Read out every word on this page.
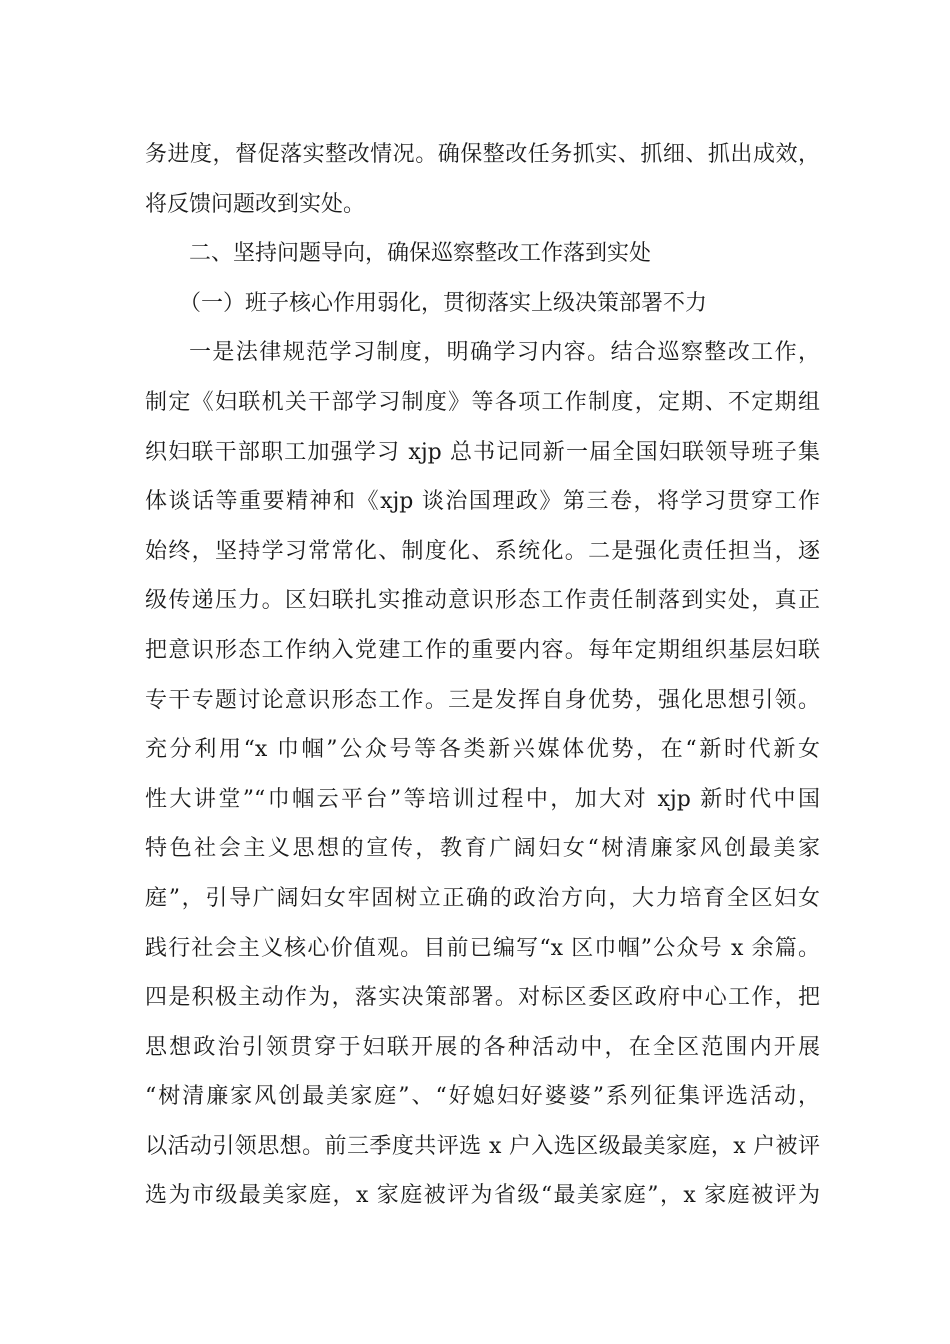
务进度，督促落实整改情况。确保整改任务抓实、抓细、抓出成效，
将反馈问题改到实处。
二、坚持问题导向，确保巡察整改工作落到实处
（一）班子核心作用弱化，贯彻落实上级决策部署不力
一是法律规范学习制度，明确学习内容。结合巡察整改工作，
制定《妇联机关干部学习制度》等各项工作制度，定期、不定期组
织妇联干部职工加强学习 xjp 总书记同新一届全国妇联领导班子集
体谈话等重要精神和《xjp 谈治国理政》第三卷，将学习贯穿工作
始终，坚持学习常常化、制度化、系统化。二是强化责任担当，逐
级传递压力。区妇联扎实推动意识形态工作责任制落到实处，真正
把意识形态工作纳入党建工作的重要内容。每年定期组织基层妇联
专干专题讨论意识形态工作。三是发挥自身优势，强化思想引领。
充分利用“x 巾帼”公众号等各类新兴媒体优势，在“新时代新女
性大讲堂”“巾帼云平台”等培训过程中，加大对 xjp 新时代中国
特色社会主义思想的宣传，教育广阔妇女“树清廉家风创最美家
庭”，引导广阔妇女牢固树立正确的政治方向，大力培育全区妇女
践行社会主义核心价值观。目前已编写“x 区巾帼”公众号 x 余篇。
四是积极主动作为，落实决策部署。对标区委区政府中心工作，把
思想政治引领贯穿于妇联开展的各种活动中，在全区范围内开展
“树清廉家风创最美家庭”、“好媳妇好婆婆”系列征集评选活动，
以活动引领思想。前三季度共评选 x 户入选区级最美家庭，x 户被评
选为市级最美家庭，x 家庭被评为省级“最美家庭”，x 家庭被评为
